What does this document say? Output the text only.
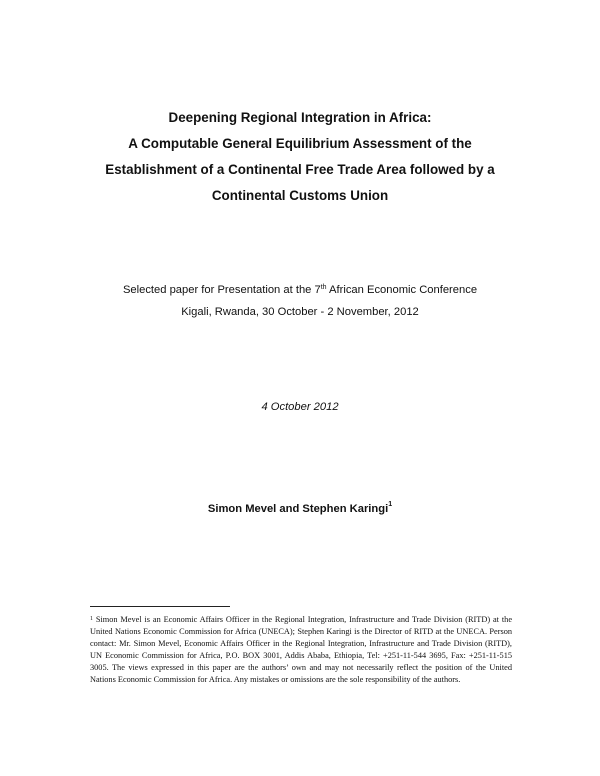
Deepening Regional Integration in Africa:
A Computable General Equilibrium Assessment of the
Establishment of a Continental Free Trade Area followed by a
Continental Customs Union
Selected paper for Presentation at the 7th African Economic Conference
Kigali, Rwanda, 30 October - 2 November, 2012
4 October 2012
Simon Mevel and Stephen Karingi$^1$
$^1$ Simon Mevel is an Economic Affairs Officer in the Regional Integration, Infrastructure and Trade Division (RITD) at the United Nations Economic Commission for Africa (UNECA); Stephen Karingi is the Director of RITD at the UNECA. Person contact: Mr. Simon Mevel, Economic Affairs Officer in the Regional Integration, Infrastructure and Trade Division (RITD), UN Economic Commission for Africa, P.O. BOX 3001, Addis Ababa, Ethiopia, Tel: +251-11-544 3695, Fax: +251-11-515 3005. The views expressed in this paper are the authors’ own and may not necessarily reflect the position of the United Nations Economic Commission for Africa. Any mistakes or omissions are the sole responsibility of the authors.
